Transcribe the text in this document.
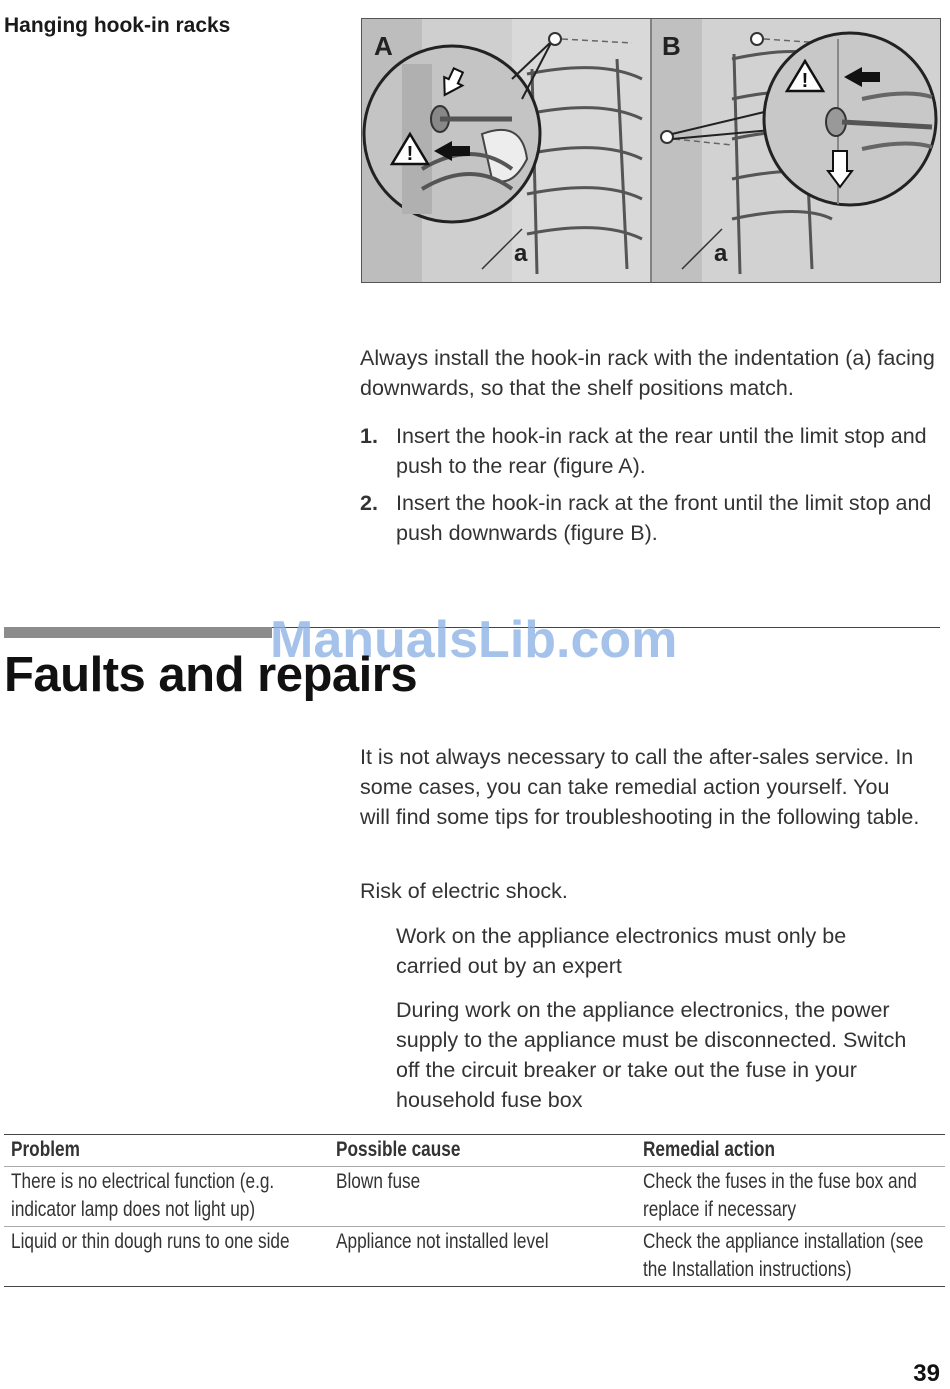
Hanging hook-in racks
!
A
a
!
B
a
Always install the hook-in rack with the indentation (a) facing downwards, so that the shelf positions match.
1. Insert the hook-in rack at the rear until the limit stop and push to the rear (figure A).
2. Insert the hook-in rack at the front until the limit stop and push downwards (figure B).
ManualsLib.com
Faults and repairs
It is not always necessary to call the after-sales service. In some cases, you can take remedial action yourself. You will find some tips for troubleshooting in the following table.
Risk of electric shock.
Work on the appliance electronics must only be carried out by an expert
During work on the appliance electronics, the power supply to the appliance must be disconnected. Switch off the circuit breaker or take out the fuse in your household fuse box
Problem	Possible cause	Remedial action
There is no electrical function (e.g. indicator lamp does not light up)	Blown fuse	Check the fuses in the fuse box and replace if necessary
Liquid or thin dough runs to one side	Appliance not installed level	Check the appliance installation (see the Installation instructions)
39
